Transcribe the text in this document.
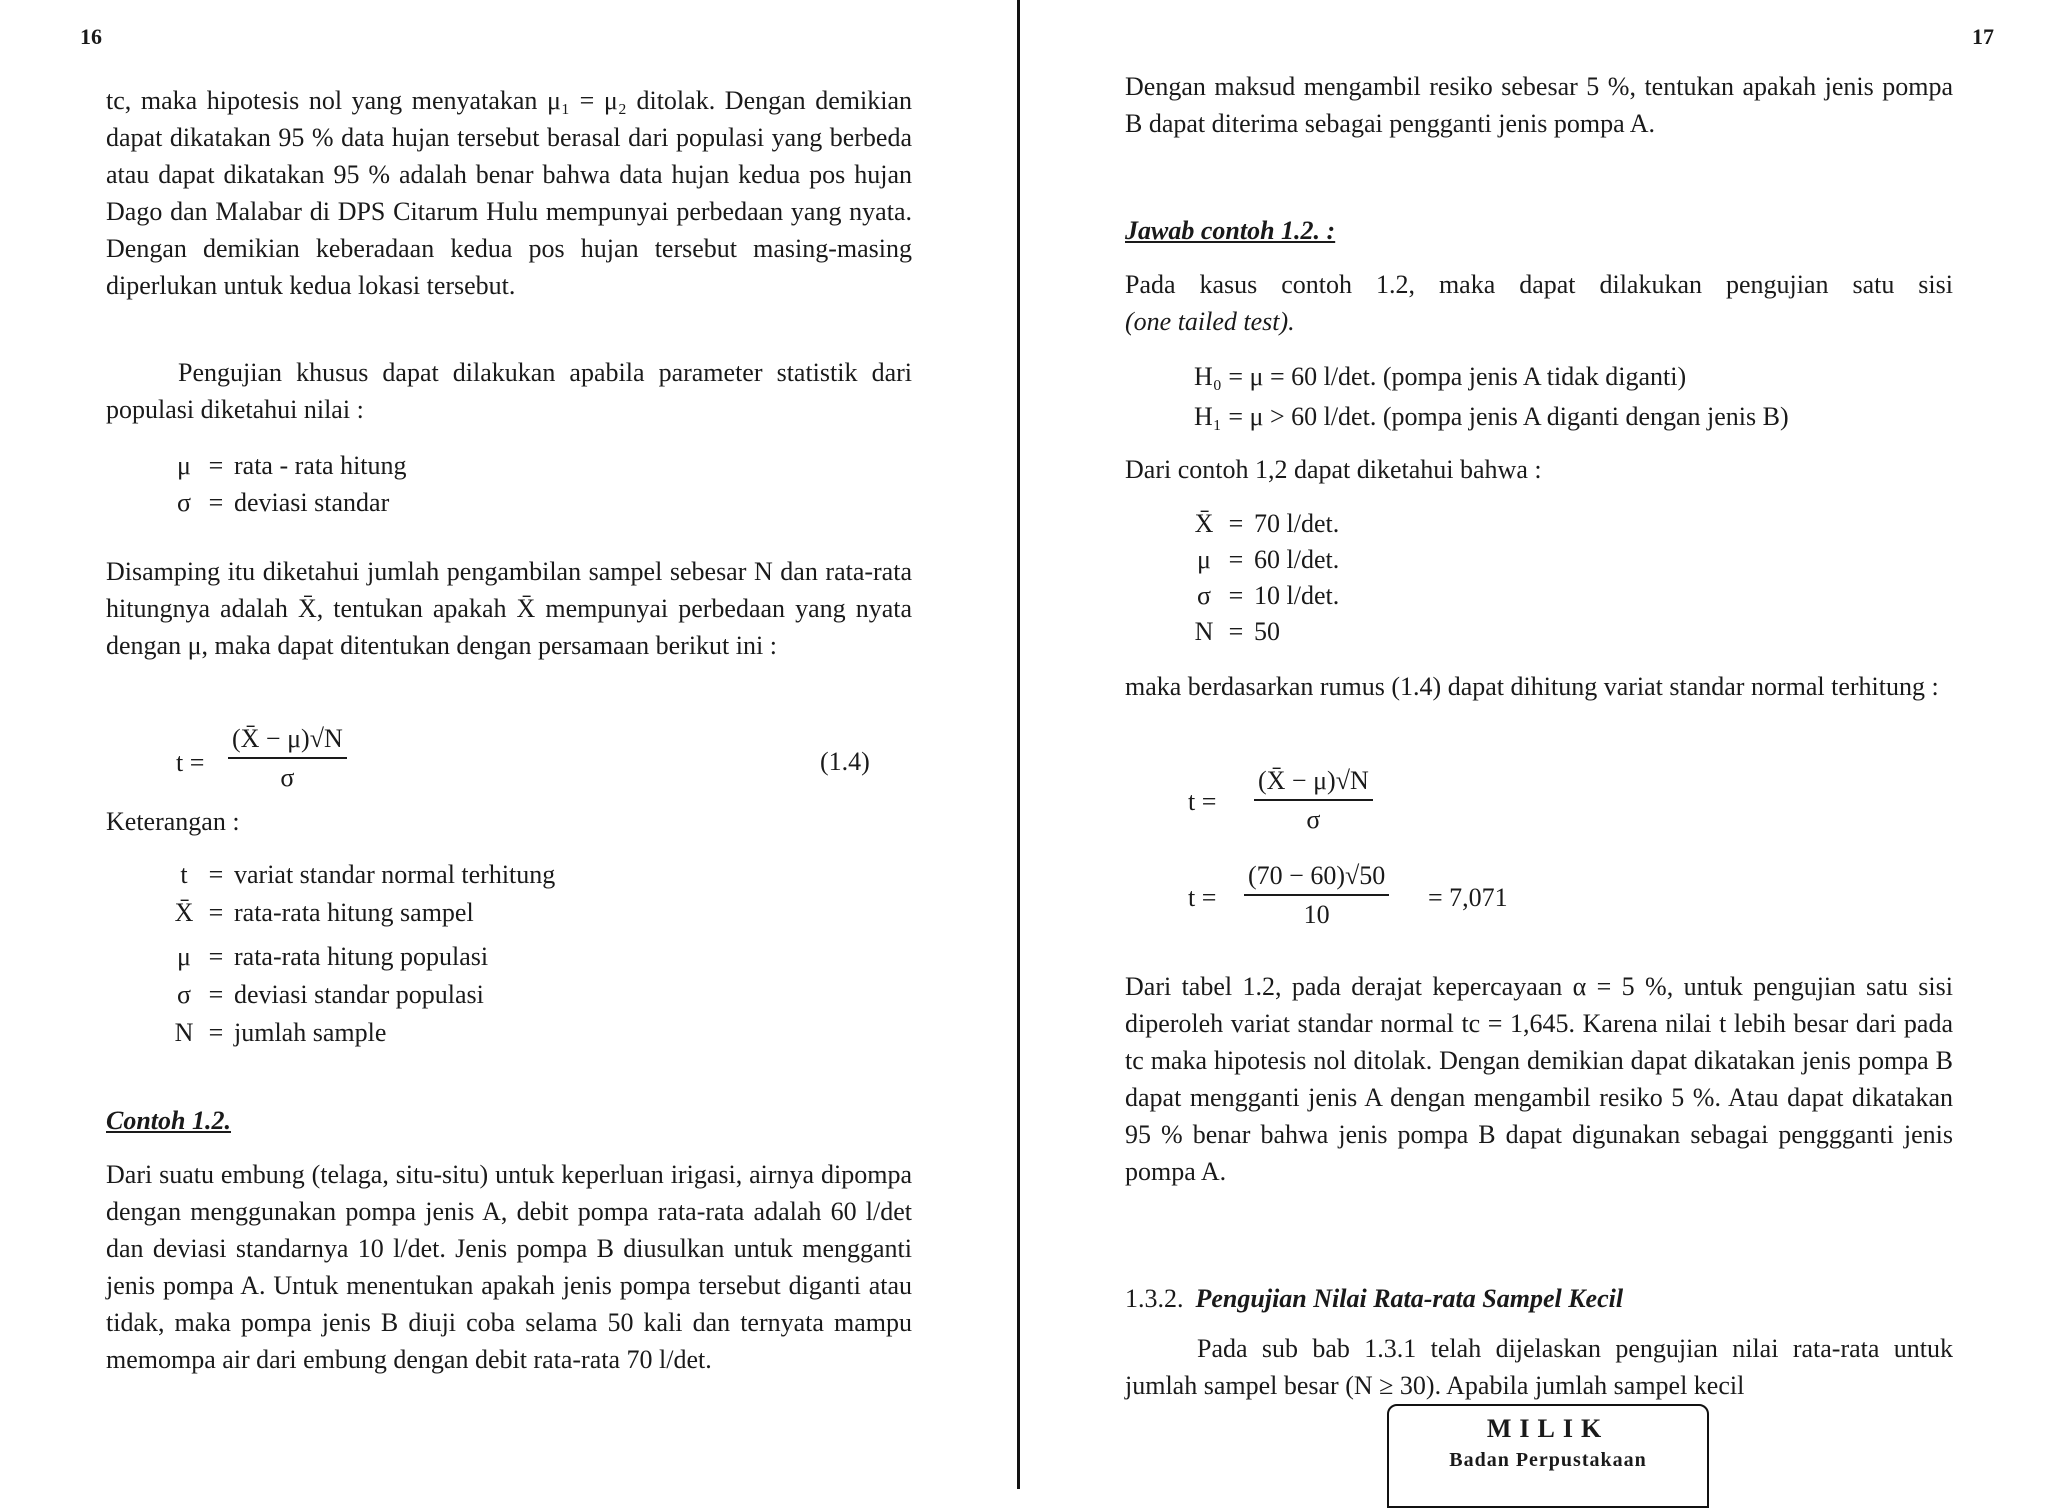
16

tc, maka hipotesis nol yang menyatakan μ₁ = μ₂ ditolak. Dengan demikian dapat dikatakan 95 % data hujan tersebut berasal dari populasi yang berbeda atau dapat dikatakan 95 % adalah benar bahwa data hujan kedua pos hujan Dago dan Malabar di DPS Citarum Hulu mempunyai perbedaan yang nyata. Dengan demikian keberadaan kedua pos hujan tersebut masing-masing diperlukan untuk kedua lokasi tersebut.

Pengujian khusus dapat dilakukan apabila parameter statistik dari populasi diketahui nilai :

μ = rata - rata hitung
σ = deviasi standar

Disamping itu diketahui jumlah pengambilan sampel sebesar N dan rata-rata hitungnya adalah X̄, tentukan apakah X̄ mempunyai perbedaan yang nyata dengan μ, maka dapat ditentukan dengan persamaan berikut ini :

t =
(X̄ − μ)√N
σ
(1.4)
Keterangan :
t = variat standar normal terhitung
X̄ = rata-rata hitung sampel
μ = rata-rata hitung populasi
σ = deviasi standar populasi
N = jumlah sample
Contoh 1.2.

Dari suatu embung (telaga, situ-situ) untuk keperluan irigasi, airnya dipompa dengan menggunakan pompa jenis A, debit pompa rata-rata adalah 60 l/det dan deviasi standarnya 10 l/det. Jenis pompa B diusulkan untuk mengganti jenis pompa A. Untuk menentukan apakah jenis pompa tersebut diganti atau tidak, maka pompa jenis B diuji coba selama 50 kali dan ternyata mampu memompa air dari embung dengan debit rata-rata 70 l/det.

17

Dengan maksud mengambil resiko sebesar 5 %, tentukan apakah jenis pompa B dapat diterima sebagai pengganti jenis pompa A.

Jawab contoh 1.2. :
Pada kasus contoh 1.2, maka dapat dilakukan pengujian satu sisi
(one tailed test).
H₀ = μ = 60 l/det. (pompa jenis A tidak diganti)
H₁ = μ > 60 l/det. (pompa jenis A diganti dengan jenis B)
Dari contoh 1,2 dapat diketahui bahwa :
X̄ = 70 l/det.
μ = 60 l/det.
σ = 10 l/det.
N = 50

maka berdasarkan rumus (1.4) dapat dihitung variat standar normal terhitung :

t =
(X̄ − μ)√N
σ
t =
(70 − 60)√50
10
= 7,071

Dari tabel 1.2, pada derajat kepercayaan α = 5 %, untuk pengujian satu sisi diperoleh variat standar normal tc = 1,645. Karena nilai t lebih besar dari pada tc maka hipotesis nol ditolak. Dengan demikian dapat dikatakan jenis pompa B dapat mengganti jenis A dengan mengambil resiko 5 %. Atau dapat dikatakan 95 % benar bahwa jenis pompa B dapat digunakan sebagai penggganti jenis pompa A.

1.3.2. Pengujian Nilai Rata-rata Sampel Kecil

Pada sub bab 1.3.1 telah dijelaskan pengujian nilai rata-rata untuk jumlah sampel besar (N ≥ 30). Apabila jumlah sampel kecil

MILIK
Badan Perpustakaan
